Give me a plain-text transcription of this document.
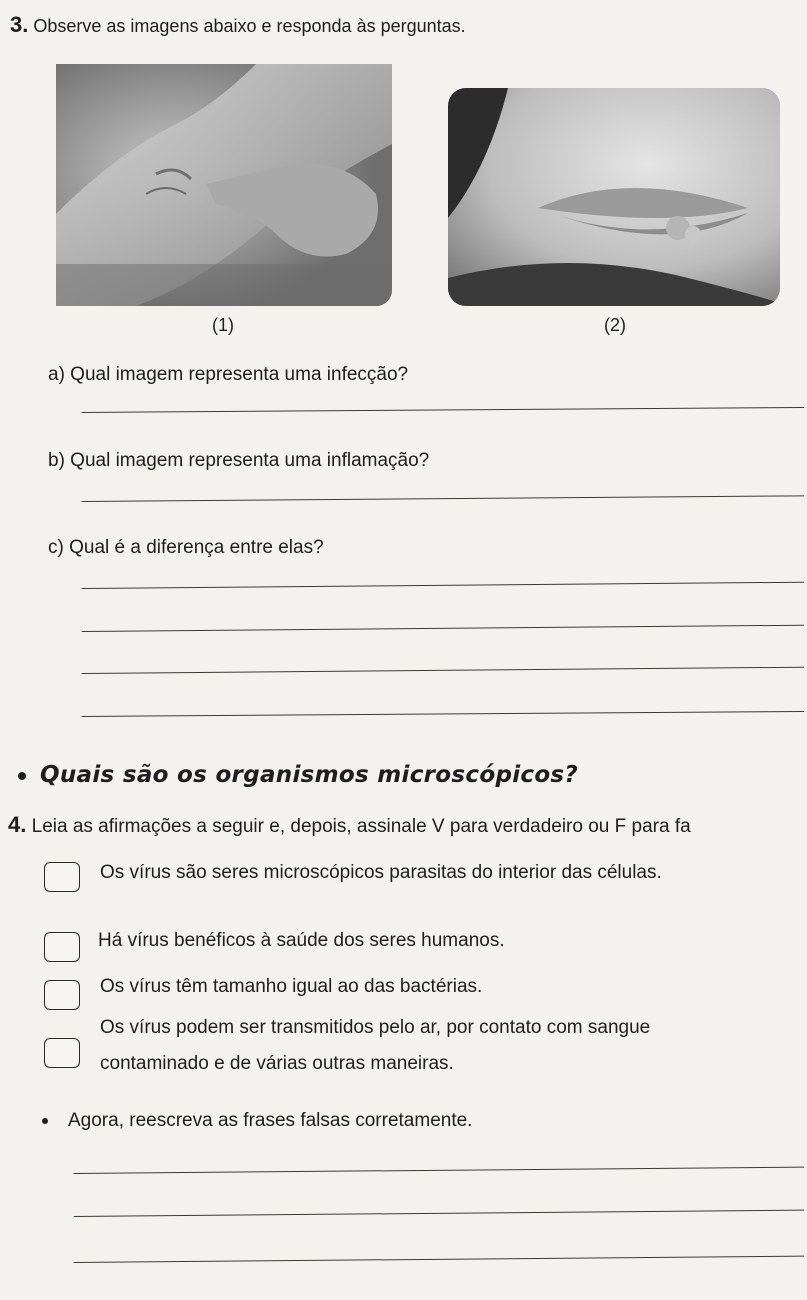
3. Observe as imagens abaixo e responda às perguntas.
(1)	(2)
a) Qual imagem representa uma infecção?
b) Qual imagem representa uma inflamação?
c) Qual é a diferença entre elas?
Quais são os organismos microscópicos?
4. Leia as afirmações a seguir e, depois, assinale V para verdadeiro ou F para fa
Os vírus são seres microscópicos parasitas do interior das células.
Há vírus benéficos à saúde dos seres humanos.
Os vírus têm tamanho igual ao das bactérias.
Os vírus podem ser transmitidos pelo ar, por contato com sangue
contaminado e de várias outras maneiras.
Agora, reescreva as frases falsas corretamente.
